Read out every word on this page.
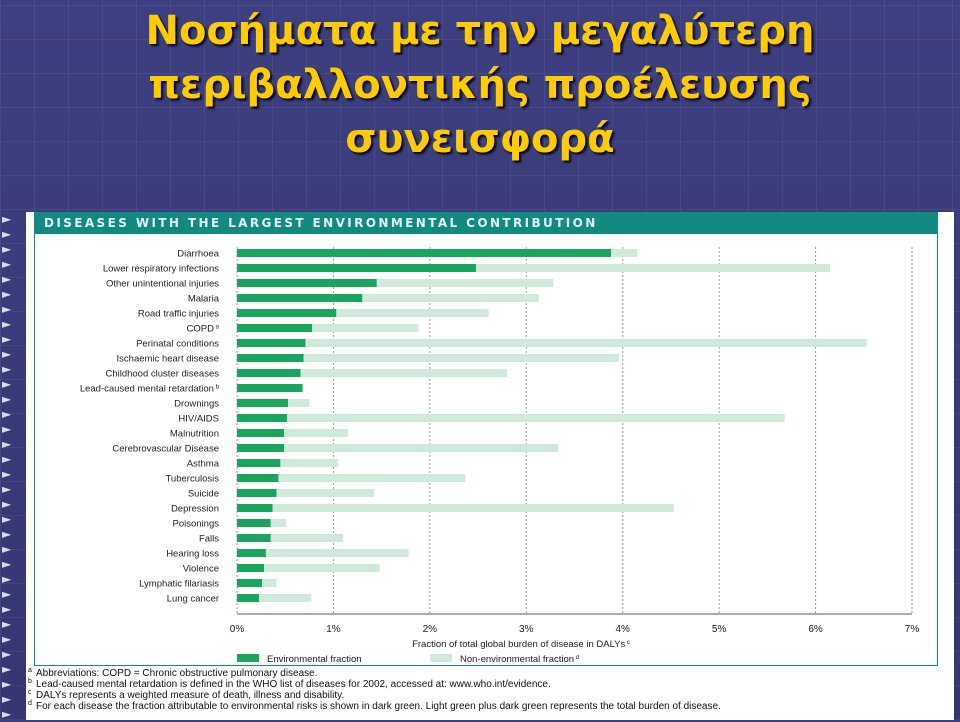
Νοσήματα με την μεγαλύτερη
περιβαλλοντικής προέλευσης
συνεισφορά
►
►
►
►
►
►
►
►
►
►
►
►
►
►
►
►
►
►
►
►
►
►
►
►
►
►
►
►
►
►
►
►
►
►
DISEASES WITH THE LARGEST ENVIRONMENTAL CONTRIBUTION
0%	1%	2%	3%	4%	5%	6%	7%
Diarrhoea
Lower respiratory infections
Other unintentional injuries
Malaria
Road traffic injuries
COPD $^a$
Perinatal conditions
Ischaemic heart disease
Childhood cluster diseases
Lead-caused mental retardation $^b$
Drownings
HIV/AIDS
Malnutrition
Cerebrovascular Disease
Asthma
Tuberculosis
Suicide
Depression
Poisonings
Falls
Hearing loss
Violence
Lymphatic filariasis
Lung cancer
Fraction of total global burden of disease in DALYs $^c$
Environmental fraction	Non-environmental fraction $^d$
a Abbreviations: COPD = Chronic obstructive pulmonary disease.
b Lead-caused mental retardation is defined in the WHO list of diseases for 2002, accessed at: www.who.int/evidence.
c DALYs represents a weighted measure of death, illness and disability.
d For each disease the fraction attributable to environmental risks is shown in dark green. Light green plus dark green represents the total burden of disease.
